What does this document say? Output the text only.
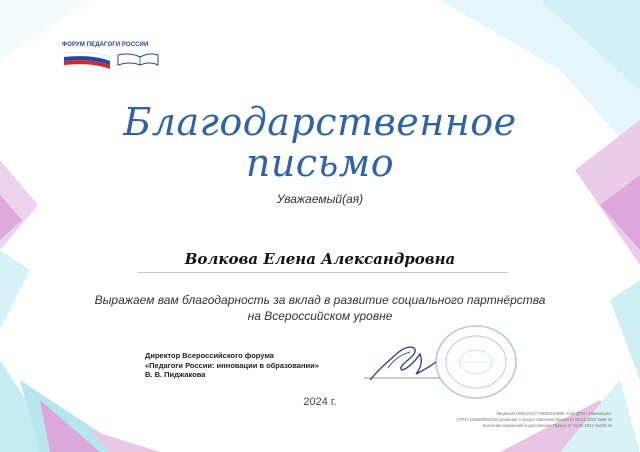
ФОРУМ ПЕДАГОГИ РОССИИ
Благодарственное
письмо
Уважаемый(ая)
Волкова Елена Александровна
Выражаем вам благодарность за вклад в развитие социального партнёрства
на Всероссийском уровне
Директор Всероссийского форума
«Педагоги России: инновации в образовании»
В. В. Пиджакова
2024 г.
Лицензия Л035-01277-66/00183668 АНО ДПО «Гимназиум»
ОГРН 1196658000126 решение о предоставлении Приказ от 09.01.2020 №06-пк
внесение изменений и дополнений Приказ от 11.06.2021 №230-лк
